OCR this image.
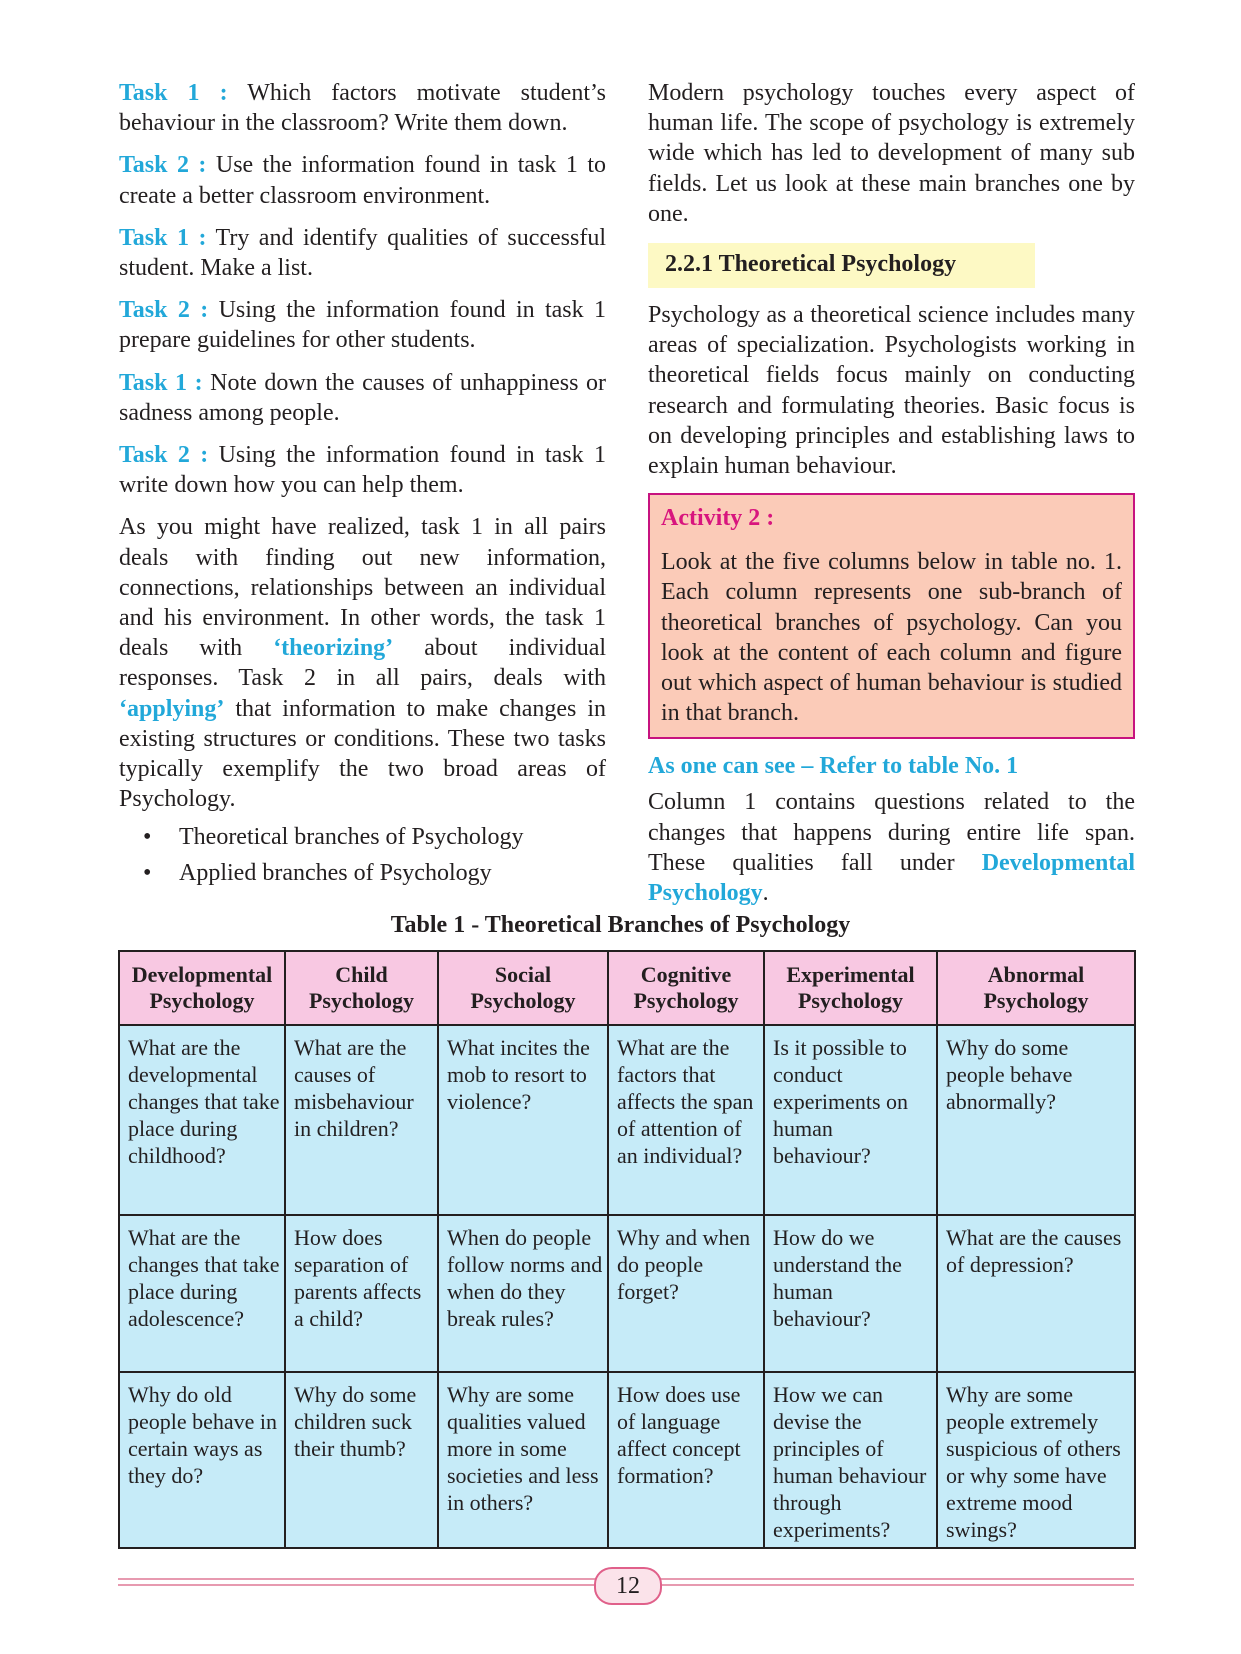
Task 1 : Which factors motivate student’s behaviour in the classroom? Write them down.
Task 2 : Use the information found in task 1 to create a better classroom environment.
Task 1 : Try and identify qualities of successful student. Make a list.
Task 2 : Using the information found in task 1 prepare guidelines for other students.
Task 1 : Note down the causes of unhappiness or sadness among people.
Task 2 : Using the information found in task 1 write down how you can help them.

As you might have realized, task 1 in all pairs deals with finding out new information, connections, relationships between an individual and his environment. In other words, the task 1 deals with ‘theorizing’ about individual responses. Task 2 in all pairs, deals with ‘applying’ that information to make changes in existing structures or conditions. These two tasks typically exemplify the two broad areas of Psychology.

• Theoretical branches of Psychology
• Applied branches of Psychology

Modern psychology touches every aspect of human life. The scope of psychology is extremely wide which has led to development of many sub fields. Let us look at these main branches one by one.

2.2.1 Theoretical Psychology

Psychology as a theoretical science includes many areas of specialization. Psychologists working in theoretical fields focus mainly on conducting research and formulating theories. Basic focus is on developing principles and establishing laws to explain human behaviour.

Activity 2 :

Look at the five columns below in table no. 1. Each column represents one sub-branch of theoretical branches of psychology. Can you look at the content of each column and figure out which aspect of human behaviour is studied in that branch.

As one can see – Refer to table No. 1

Column 1 contains questions related to the changes that happens during entire life span. These qualities fall under Developmental Psychology.

Table 1 - Theoretical Branches of Psychology
Developmental Psychology	Child Psychology	Social Psychology	Cognitive Psychology	Experimental Psychology	Abnormal Psychology
What are the developmental changes that take place during childhood?	What are the causes of misbehaviour in children?	What incites the mob to resort to violence?	What are the factors that affects the span of attention of an individual?	Is it possible to conduct experiments on human behaviour?	Why do some people behave abnormally?
What are the changes that take place during adolescence?	How does separation of parents affects a child?	When do people follow norms and when do they break rules?	Why and when do people forget?	How do we understand the human behaviour?	What are the causes of depression?
Why do old people behave in certain ways as they do?	Why do some children suck their thumb?	Why are some qualities valued more in some societies and less in others?	How does use of language affect concept formation?	How we can devise the principles of human behaviour through experiments?	Why are some people extremely suspicious of others or why some have extreme mood swings?
12
